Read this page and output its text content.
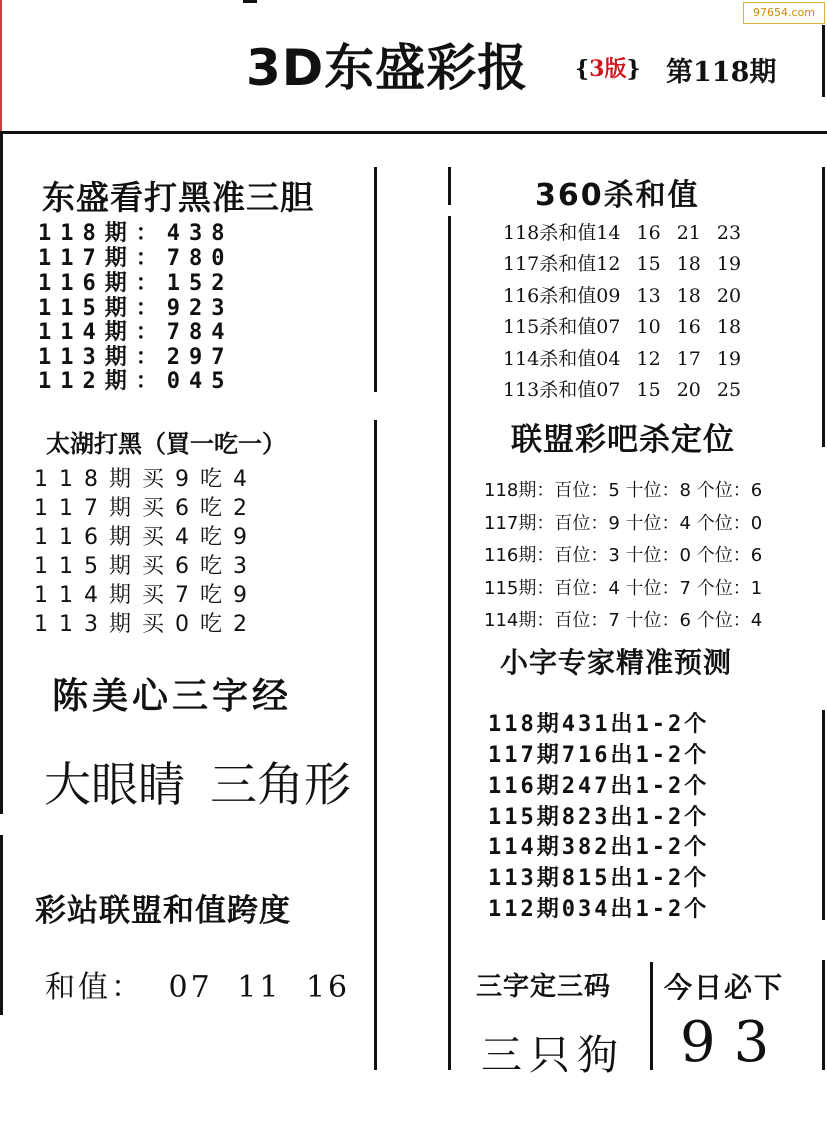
97654.com
3D东盛彩报 {3版} 第118期
东盛看打黑准三胆
118期：438
117期：780
116期：152
115期：923
114期：784
113期：297
112期：045
360杀和值
118杀和值14 16 21 23
117杀和值12 15 18 19
116杀和值09 13 18 20
115杀和值07 10 16 18
114杀和值04 12 17 19
113杀和值07 15 20 25
太湖打黑（買一吃一）
118期买9吃4
117期买6吃2
116期买4吃9
115期买6吃3
114期买7吃9
113期买0吃2
联盟彩吧杀定位
118期：百位：5 十位：8 个位：6
117期：百位：9 十位：4 个位：0
116期：百位：3 十位：0 个位：6
115期：百位：4 十位：7 个位：1
114期：百位：7 十位：6 个位：4
陈美心三字经
大眼睛 三角形
小字专家精准预测
118期431出1-2个
117期716出1-2个
116期247出1-2个
115期823出1-2个
114期382出1-2个
113期815出1-2个
112期034出1-2个
彩站联盟和值跨度
和值： 07 11 16	三字定三码
三只狗
今日必下
93
